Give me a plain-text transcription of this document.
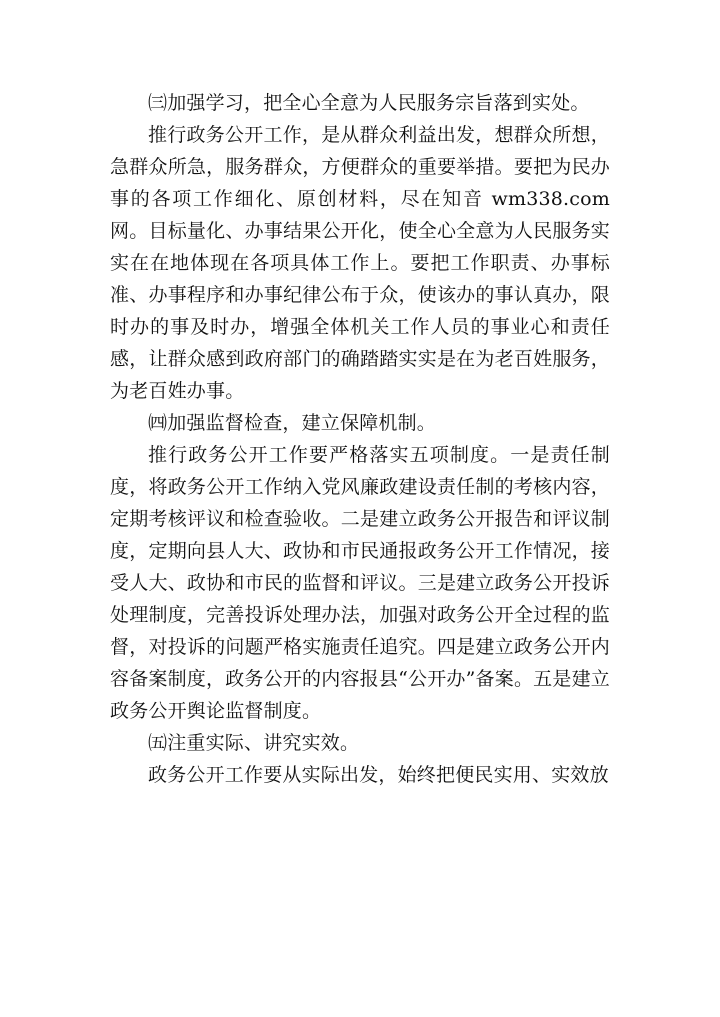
㈢加强学习，把全心全意为人民服务宗旨落到实处。

推行政务公开工作，是从群众利益出发，想群众所想，急群众所急，服务群众，方便群众的重要举措。要把为民办事的各项工作细化、原创材料，尽在知音 wm338.com 网。目标量化、办事结果公开化，使全心全意为人民服务实实在在地体现在各项具体工作上。要把工作职责、办事标准、办事程序和办事纪律公布于众，使该办的事认真办，限时办的事及时办，增强全体机关工作人员的事业心和责任感，让群众感到政府部门的确踏踏实实是在为老百姓服务，为老百姓办事。

㈣加强监督检查，建立保障机制。

推行政务公开工作要严格落实五项制度。一是责任制度，将政务公开工作纳入党风廉政建设责任制的考核内容，定期考核评议和检查验收。二是建立政务公开报告和评议制度，定期向县人大、政协和市民通报政务公开工作情况，接受人大、政协和市民的监督和评议。三是建立政务公开投诉处理制度，完善投诉处理办法，加强对政务公开全过程的监督，对投诉的问题严格实施责任追究。四是建立政务公开内容备案制度，政务公开的内容报县“公开办”备案。五是建立政务公开舆论监督制度。

㈤注重实际、讲究实效。

政务公开工作要从实际出发，始终把便民实用、实效放
